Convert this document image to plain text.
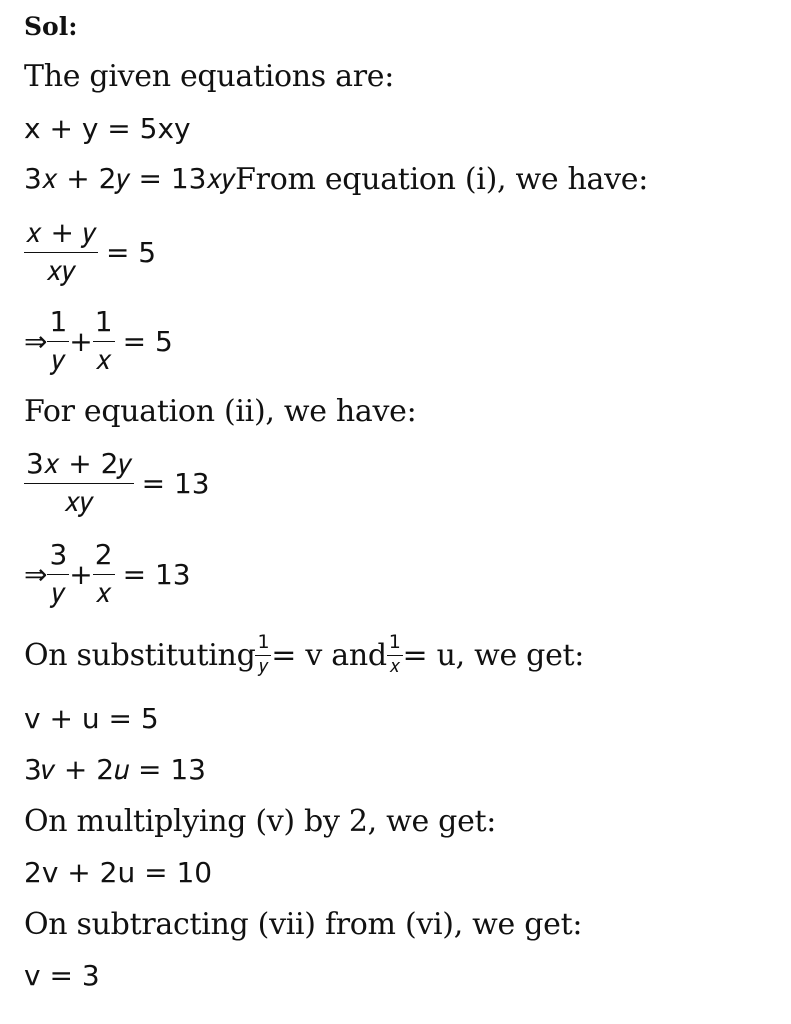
Sol:
The given equations are:
x + y = 5xy
3𝑥 + 2𝑦 = 13𝑥𝑦 From equation (i), we have:
$\frac{\text{𝑥 + 𝑦}}{\text{𝑥𝑦}} = 5$
⇒ $\frac{1}{\text{𝑦}} + \frac{1}{\text{𝑥}} = 5$
For equation (ii), we have:
$\frac{\text{3𝑥 + 2𝑦}}{\text{𝑥𝑦}} = 13$
⇒ $\frac{3}{\text{𝑦}} + \frac{2}{\text{𝑥}} = 13$
On substituting $\frac{1}{\text{𝑦}} = v$ and $\frac{1}{\text{𝑥}} = u$, we get:
v + u = 5
3𝑣 + 2𝑢 = 13
On multiplying (v) by 2, we get:
2v + 2u = 10
On subtracting (vii) from (vi), we get:
v = 3
